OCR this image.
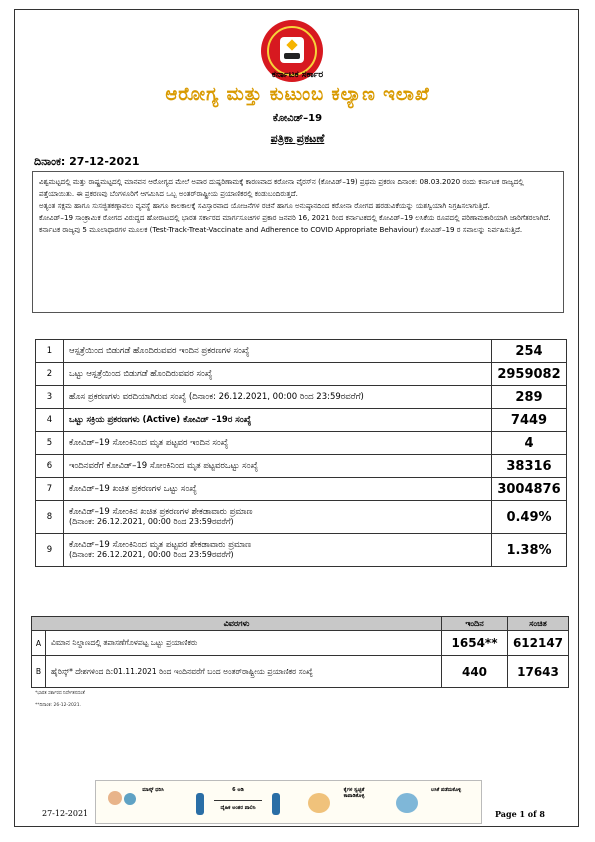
ಕರ್ನಾಟಕ ಸರ್ಕಾರ
ಆರೋಗ್ಯ ಮತ್ತು ಕುಟುಂಬ ಕಲ್ಯಾಣ ಇಲಾಖೆ
ಕೋವಿಡ್–19
ಪತ್ರಿಕಾ ಪ್ರಕಟಣೆ
ದಿನಾಂಕ: 27-12-2021

ವಿಶ್ವಮಟ್ಟದಲ್ಲಿ ಮತ್ತು ರಾಷ್ಟ್ರಮಟ್ಟದಲ್ಲಿ ಮಾನವನ ಆರೋಗ್ಯದ ಮೇಲೆ ಅಪಾರ ದುಷ್ಪರಿಣಾಮಕ್ಕೆ ಕಾರಣವಾದ ಕರೋನಾ ವೈರಸ್‌ನ (ಕೋವಿಡ್–19) ಪ್ರಥಮ ಪ್ರಕರಣ ದಿನಾಂಕ: 08.03.2020 ರಂದು ಕರ್ನಾಟಕ ರಾಜ್ಯದಲ್ಲಿ ಪತ್ತೆಯಾಯಿತು. ಈ ಪ್ರಕರಣವು ಬೆಂಗಳೂರಿಗೆ ಆಗಮಿಸಿದ ಒಬ್ಬ ಅಂತರ್‌ರಾಷ್ಟ್ರೀಯ ಪ್ರಯಾಣಿಕರಲ್ಲಿ ಕಂಡುಬಂದಿರುತ್ತದೆ.

ಅತ್ಯಂತ ಸಕ್ಷಮ ಹಾಗೂ ಸುಸಜ್ಜಿತಕಣ್ಗಾವಲು ವ್ಯವಸ್ಥೆ ಹಾಗೂ ಕಾಲಕಾಲಕ್ಕೆ ಸವಿಸ್ತಾರವಾದ ಯೋಜನೆಗಳ ರಚನೆ ಹಾಗೂ ಅನುಷ್ಠಾನದಿಂದ ಕರೋನಾ ರೋಗದ ಹರಡುವಿಕೆಯನ್ನು ಯಶಸ್ವಿಯಾಗಿ ನಿಗ್ರಹಿಸಲಾಗುತ್ತಿದೆ.

ಕೋವಿಡ್–19 ಸಾಂಕ್ರಾಮಿಕ ರೋಗದ ವಿರುದ್ಧದ ಹೋರಾಟದಲ್ಲಿ ಭಾರತ ಸರ್ಕಾರದ ಮಾರ್ಗಸೂಚಿಗಳ ಪ್ರಕಾರ ಜನವರಿ 16, 2021 ರಿಂದ ಕರ್ನಾಟಕದಲ್ಲಿ ಕೋವಿಡ್–19 ಲಸಿಕೆಯ ರೂಪದಲ್ಲಿ ಪರಿಣಾಮಕಾರಿಯಾಗಿ ಜಾರಿಗೆತರಲಾಗಿದೆ.

ಕರ್ನಾಟಕ ರಾಜ್ಯವು 5 ಮೂಲಾಧಾರಗಳ ಮೂಲಕ (Test-Track-Treat-Vaccinate and Adherence to COVID Appropriate Behaviour) ಕೋವಿಡ್–19 ರ ಸವಾಲನ್ನು ನಿರ್ವಹಿಸುತ್ತಿದೆ.

1	ಆಸ್ಪತ್ರೆಯಿಂದ ಬಿಡುಗಡೆ ಹೊಂದಿರುವವರ ಇಂದಿನ ಪ್ರಕರಣಗಳ ಸಂಖ್ಯೆ	254
2	ಒಟ್ಟು ಆಸ್ಪತ್ರೆಯಿಂದ ಬಿಡುಗಡೆ ಹೊಂದಿರುವವರ ಸಂಖ್ಯೆ	2959082
3	ಹೊಸ ಪ್ರಕರಣಗಳು ವರದಿಯಾಗಿರುವ ಸಂಖ್ಯೆ (ದಿನಾಂಕ: 26.12.2021, 00:00 ರಿಂದ 23:59ರವರೆಗೆ)	289
4	ಒಟ್ಟು ಸಕ್ರಿಯ ಪ್ರಕರಣಗಳು (Active) ಕೋವಿಡ್ –19ರ ಸಂಖ್ಯೆ	7449
5	ಕೋವಿಡ್–19 ಸೋಂಕಿನಿಂದ ಮೃತ ಪಟ್ಟವರ ಇಂದಿನ ಸಂಖ್ಯೆ	4
6	ಇಂದಿನವರೆಗೆ ಕೋವಿಡ್–19 ಸೋಂಕಿನಿಂದ ಮೃತ ಪಟ್ಟವರಒಟ್ಟು ಸಂಖ್ಯೆ	38316
7	ಕೋವಿಡ್–19 ಖಚಿತ ಪ್ರಕರಣಗಳ ಒಟ್ಟು ಸಂಖ್ಯೆ	3004876
8	ಕೋವಿಡ್–19 ಸೋಂಕಿನ ಖಚಿತ ಪ್ರಕರಣಗಳ ಶೇಕಡಾವಾರು ಪ್ರಮಾಣ
(ದಿನಾಂಕ: 26.12.2021, 00:00 ರಿಂದ 23:59ರವರೆಗೆ)	0.49%
9	ಕೋವಿಡ್–19 ಸೋಂಕಿನಿಂದ ಮೃತ ಪಟ್ಟವರ ಶೇಕಡಾವಾರು ಪ್ರಮಾಣ
(ದಿನಾಂಕ: 26.12.2021, 00:00 ರಿಂದ 23:59ರವರೆಗೆ)	1.38%
ವಿವರಗಳು		ಇಂದಿನ	ಸಂಚಿತ
A	ವಿಮಾನ ನಿಲ್ದಾಣದಲ್ಲಿ ತಪಾಸಣೆಗೊಳಪಟ್ಟ ಒಟ್ಟು ಪ್ರಯಾಣಿಕರು	1654**	612147
B	ಹೈರಿಸ್ಕ್* ದೇಶಗಳಿಂದ ದಿ:01.11.2021 ರಿಂದ ಇಂದಿನವರೆಗೆ ಬಂದ ಅಂತರ್‌ರಾಷ್ಟ್ರೀಯ ಪ್ರಯಾಣಿಕರ ಸಂಖ್ಯೆ	440	17643
*ಭಾರತ ಸರ್ಕಾರದ ನಿರ್ದೇಶನದಂತೆ
**ದಿನಾಂಕ: 26-12-2021.
ಮಾಸ್ಕ್ ಧರಿಸಿ	6 ಅಡಿ
ದೈಹಿಕ ಅಂತರ ಪಾಲಿಸಿ
ಕೈಗಳ ಸ್ವಚ್ಛತೆ ಕಾಪಾಡಿಕೊಳ್ಳಿ
ಲಸಿಕೆ ಪಡೆದುಕೊಳ್ಳಿ
27-12-2021	Page 1 of 8
